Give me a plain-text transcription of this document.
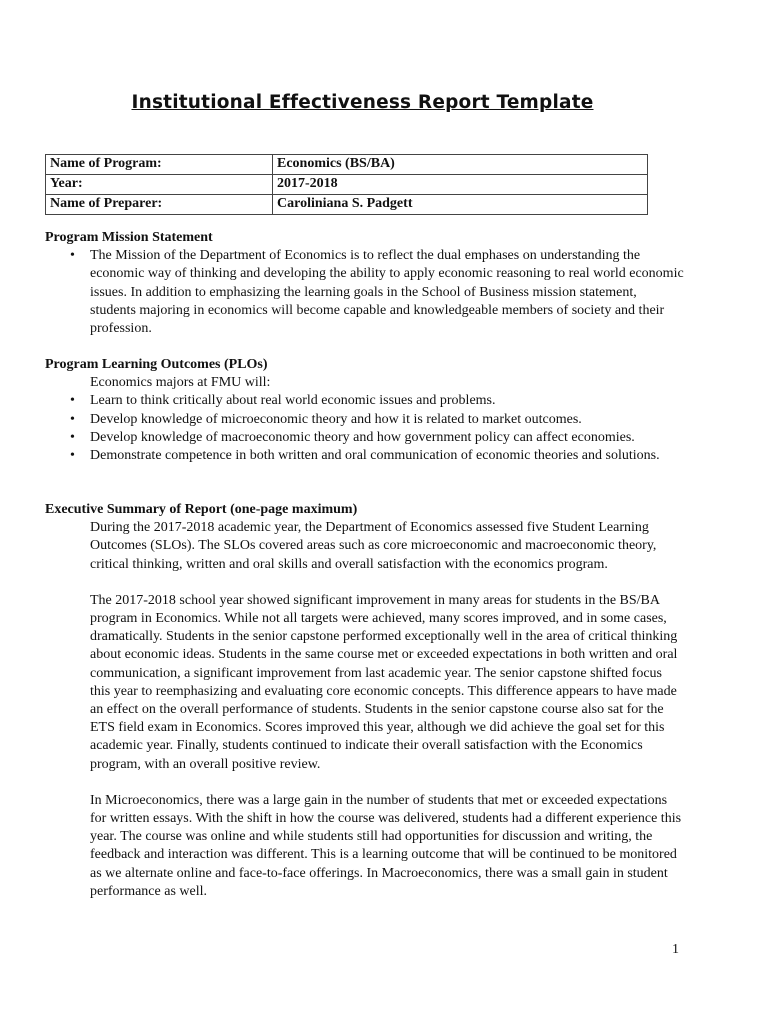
Institutional Effectiveness Report Template
Name of Program:	Economics (BS/BA)
Year:	2017-2018
Name of Preparer:	Caroliniana S. Padgett
Program Mission Statement
• The Mission of the Department of Economics is to reflect the dual emphases on understanding the economic way of thinking and developing the ability to apply economic reasoning to real world economic issues. In addition to emphasizing the learning goals in the School of Business mission statement, students majoring in economics will become capable and knowledgeable members of society and their profession.
Program Learning Outcomes (PLOs)
Economics majors at FMU will:
• Learn to think critically about real world economic issues and problems.
• Develop knowledge of microeconomic theory and how it is related to market outcomes.
• Develop knowledge of macroeconomic theory and how government policy can affect economies.
• Demonstrate competence in both written and oral communication of economic theories and solutions.
Executive Summary of Report (one-page maximum)

During the 2017-2018 academic year, the Department of Economics assessed five Student Learning Outcomes (SLOs). The SLOs covered areas such as core microeconomic and macroeconomic theory, critical thinking, written and oral skills and overall satisfaction with the economics program.

The 2017-2018 school year showed significant improvement in many areas for students in the BS/BA program in Economics. While not all targets were achieved, many scores improved, and in some cases, dramatically. Students in the senior capstone performed exceptionally well in the area of critical thinking about economic ideas. Students in the same course met or exceeded expectations in both written and oral communication, a significant improvement from last academic year. The senior capstone shifted focus this year to reemphasizing and evaluating core economic concepts. This difference appears to have made an effect on the overall performance of students. Students in the senior capstone course also sat for the ETS field exam in Economics. Scores improved this year, although we did achieve the goal set for this academic year. Finally, students continued to indicate their overall satisfaction with the Economics program, with an overall positive review.

In Microeconomics, there was a large gain in the number of students that met or exceeded expectations for written essays. With the shift in how the course was delivered, students had a different experience this year. The course was online and while students still had opportunities for discussion and writing, the feedback and interaction was different. This is a learning outcome that will be continued to be monitored as we alternate online and face-to-face offerings. In Macroeconomics, there was a small gain in student performance as well.

1
